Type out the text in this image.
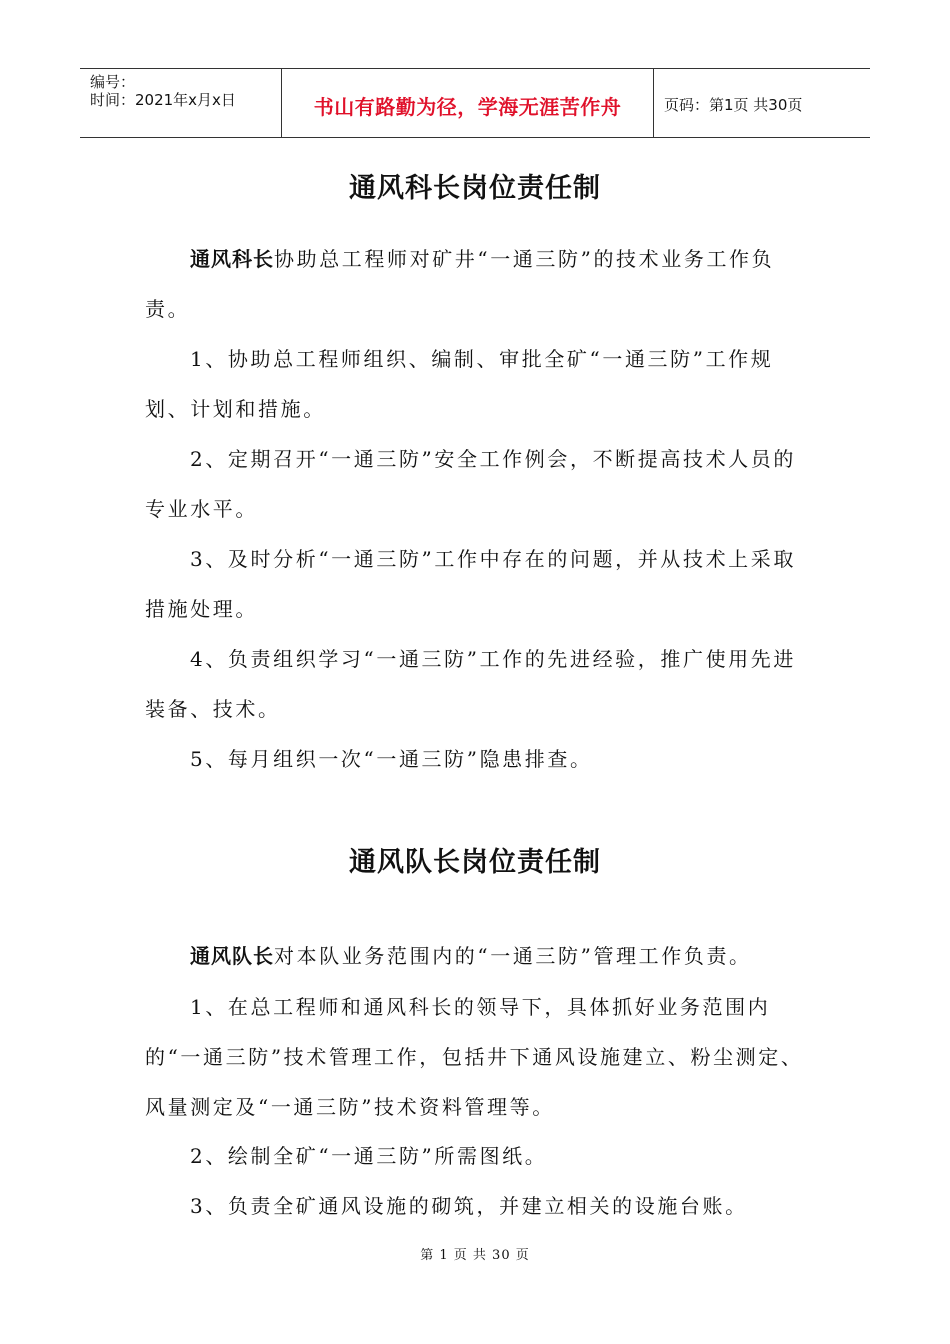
编号：
时间：2021年x月x日	书山有路勤为径，学海无涯苦作舟	页码：第1页 共30页
通风科长岗位责任制

通风科长协助总工程师对矿井“一通三防”的技术业务工作负责。

1、协助总工程师组织、编制、审批全矿“一通三防”工作规划、计划和措施。

2、定期召开“一通三防”安全工作例会，不断提高技术人员的专业水平。

3、及时分析“一通三防”工作中存在的问题，并从技术上采取措施处理。

4、负责组织学习“一通三防”工作的先进经验，推广使用先进装备、技术。

5、每月组织一次“一通三防”隐患排查。

通风队长岗位责任制

通风队长对本队业务范围内的“一通三防”管理工作负责。

1、在总工程师和通风科长的领导下，具体抓好业务范围内的“一通三防”技术管理工作，包括井下通风设施建立、粉尘测定、风量测定及“一通三防”技术资料管理等。

2、绘制全矿“一通三防”所需图纸。

3、负责全矿通风设施的砌筑，并建立相关的设施台账。

第 1 页 共 30 页
